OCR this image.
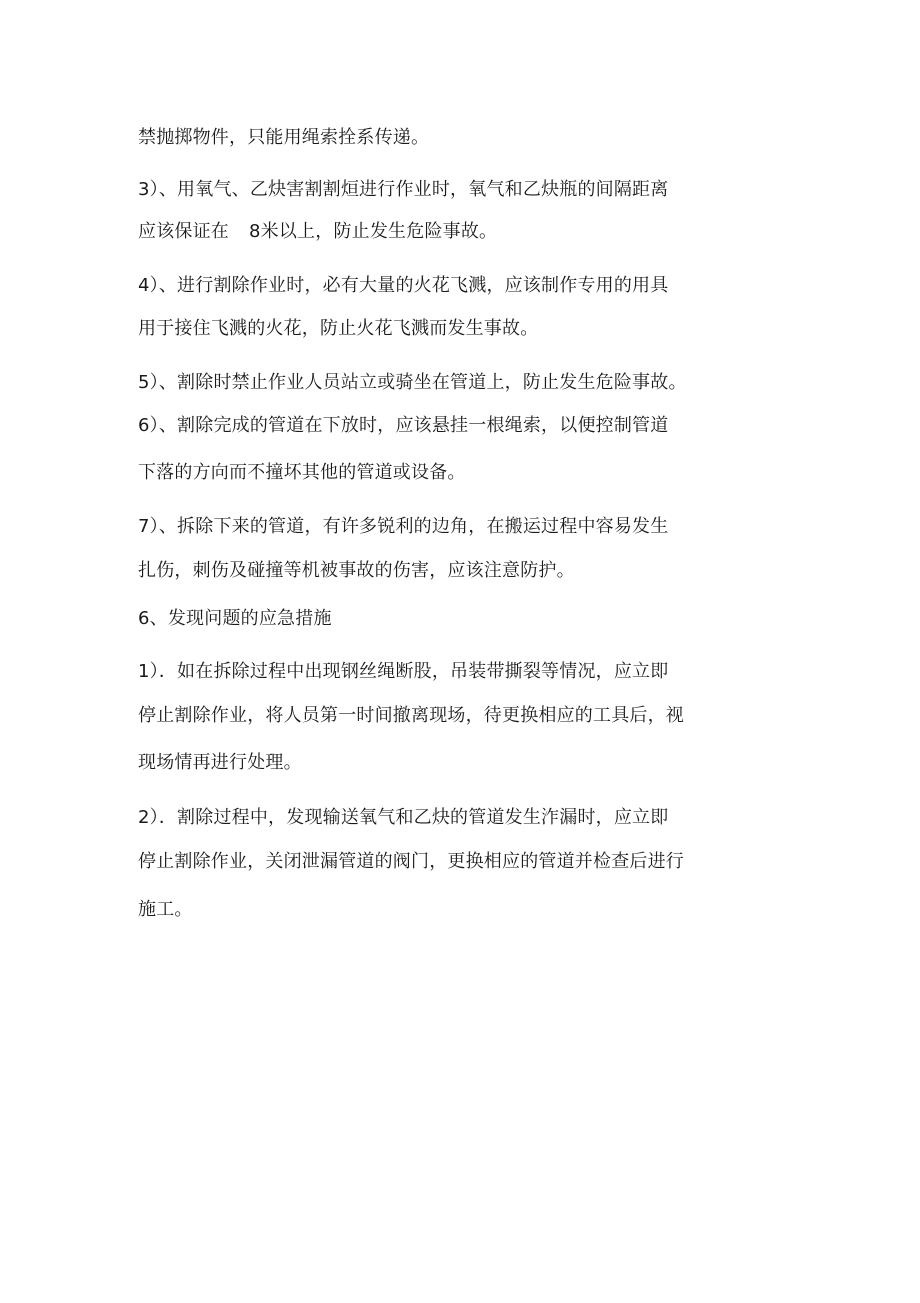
禁抛掷物件，只能用绳索拴系传递。
3）、用氧气、乙炔害割割烜进行作业时，氧气和乙炔瓶的间隔距离
应该保证在 8米以上，防止发生危险事故。
4）、进行割除作业时，必有大量的火花飞溅，应该制作专用的用具
用于接住飞溅的火花，防止火花飞溅而发生事故。
5）、割除时禁止作业人员站立或骑坐在管道上，防止发生危险事故。
6）、割除完成的管道在下放时，应该悬挂一根绳索，以便控制管道
下落的方向而不撞坏其他的管道或设备。
7）、拆除下来的管道，有许多锐利的边角，在搬运过程中容易发生
扎伤，刺伤及碰撞等机被事故的伤害，应该注意防护。
6、发现问题的应急措施
1）．如在拆除过程中出现钢丝绳断股，吊装带撕裂等情况，应立即
停止割除作业，将人员第一时间撤离现场，待更换相应的工具后，视
现场情再进行处理。
2）．割除过程中，发现输送氧气和乙炔的管道发生泎漏时，应立即
停止割除作业，关闭泄漏管道的阀门，更换相应的管道并检查后进行
施工。
